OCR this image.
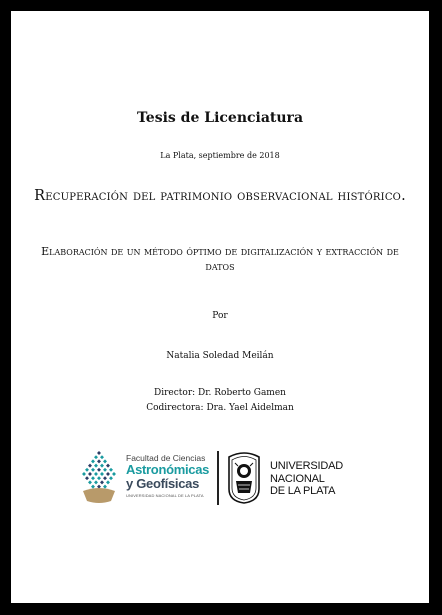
Tesis de Licenciatura
La Plata, septiembre de 2018
Recuperación del patrimonio observacional histórico.
Elaboración de un método óptimo de digitalización y extracción de datos
Por
Natalia Soledad Meilán
Director: Dr. Roberto Gamen
Codirectora: Dra. Yael Aidelman
Facultad de Ciencias
Astronómicas
y Geofísicas
UNIVERSIDAD NACIONAL DE LA PLATA
UNIVERSIDAD
NACIONAL
DE LA PLATA
